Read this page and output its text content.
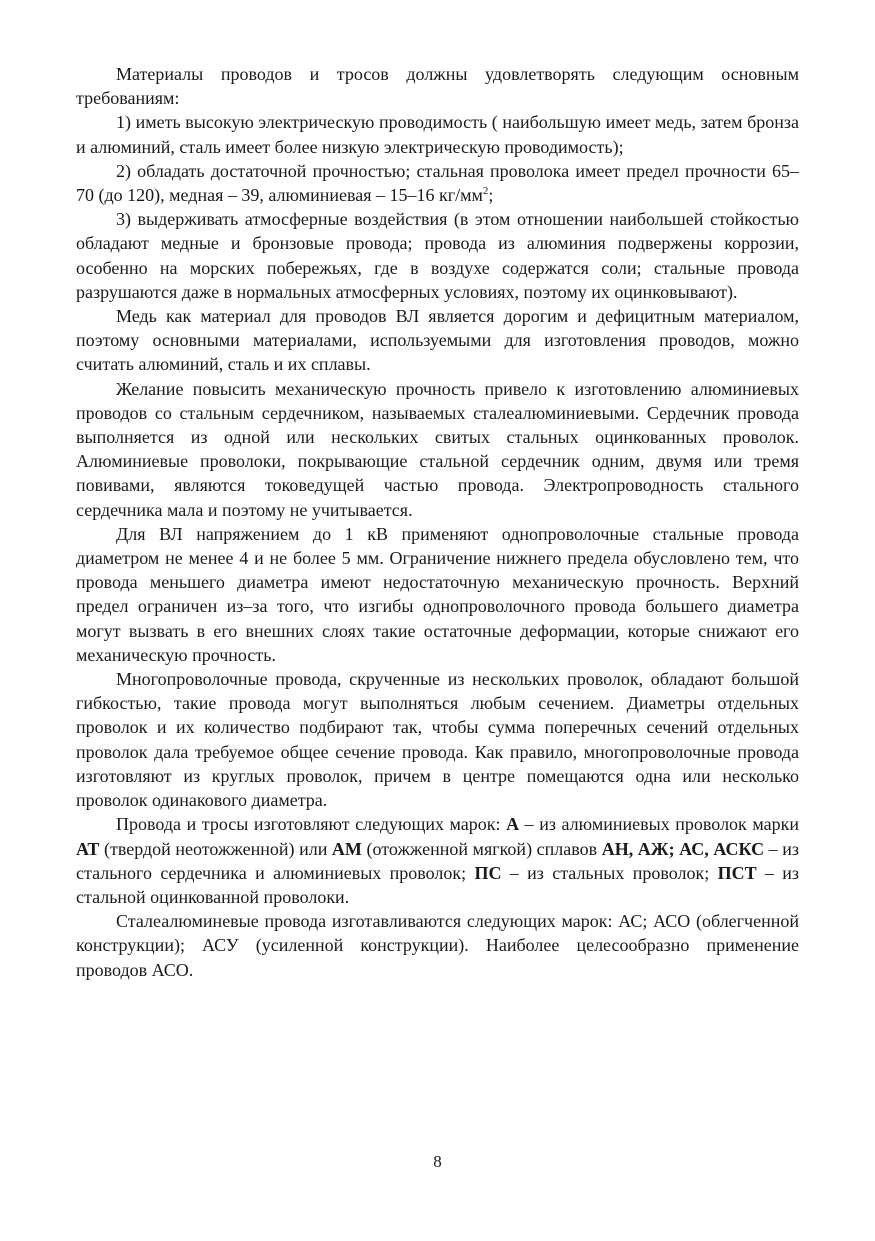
Материалы проводов и тросов должны удовлетворять следующим основным требованиям:

1) иметь высокую электрическую проводимость ( наибольшую имеет медь, затем бронза и алюминий, сталь имеет более низкую электрическую проводимость);

2) обладать достаточной прочностью; стальная проволока имеет предел прочности 65–70 (до 120), медная – 39, алюминиевая – 15–16 $кг/мм^2$;

3) выдерживать атмосферные воздействия (в этом отношении наибольшей стойкостью обладают медные и бронзовые провода; провода из алюминия подвержены коррозии, особенно на морских побережьях, где в воздухе содержатся соли; стальные провода разрушаются даже в нормальных атмосферных условиях, поэтому их оцинковывают).

Медь как материал для проводов ВЛ является дорогим и дефицитным материалом, поэтому основными материалами, используемыми для изготовления проводов, можно считать алюминий, сталь и их сплавы.

Желание повысить механическую прочность привело к изготовлению алюминиевых проводов со стальным сердечником, называемых сталеалюминиевыми. Сердечник провода выполняется из одной или нескольких свитых стальных оцинкованных проволок. Алюминиевые проволоки, покрывающие стальной сердечник одним, двумя или тремя повивами, являются токоведущей частью провода. Электропроводность стального сердечника мала и поэтому не учитывается.

Для ВЛ напряжением до 1 кВ применяют однопроволочные стальные провода диаметром не менее 4 и не более 5 мм. Ограничение нижнего предела обусловлено тем, что провода меньшего диаметра имеют недостаточную механическую прочность. Верхний предел ограничен из–за того, что изгибы однопроволочного провода большего диаметра могут вызвать в его внешних слоях такие остаточные деформации, которые снижают его механическую прочность.

Многопроволочные провода, скрученные из нескольких проволок, обладают большой гибкостью, такие провода могут выполняться любым сечением. Диаметры отдельных проволок и их количество подбирают так, чтобы сумма поперечных сечений отдельных проволок дала требуемое общее сечение провода. Как правило, многопроволочные провода изготовляют из круглых проволок, причем в центре помещаются одна или несколько проволок одинакового диаметра.

Провода и тросы изготовляют следующих марок: А – из алюминиевых проволок марки АТ (твердой неотожженной) или АМ (отожженной мягкой) сплавов АН, АЖ; АС, АСКС – из стального сердечника и алюминиевых проволок; ПС – из стальных проволок; ПСТ – из стальной оцинкованной проволоки.

Сталеалюминевые провода изготавливаются следующих марок: АС; АСО (облегченной конструкции); АСУ (усиленной конструкции). Наиболее целесообразно применение проводов АСО.

8
